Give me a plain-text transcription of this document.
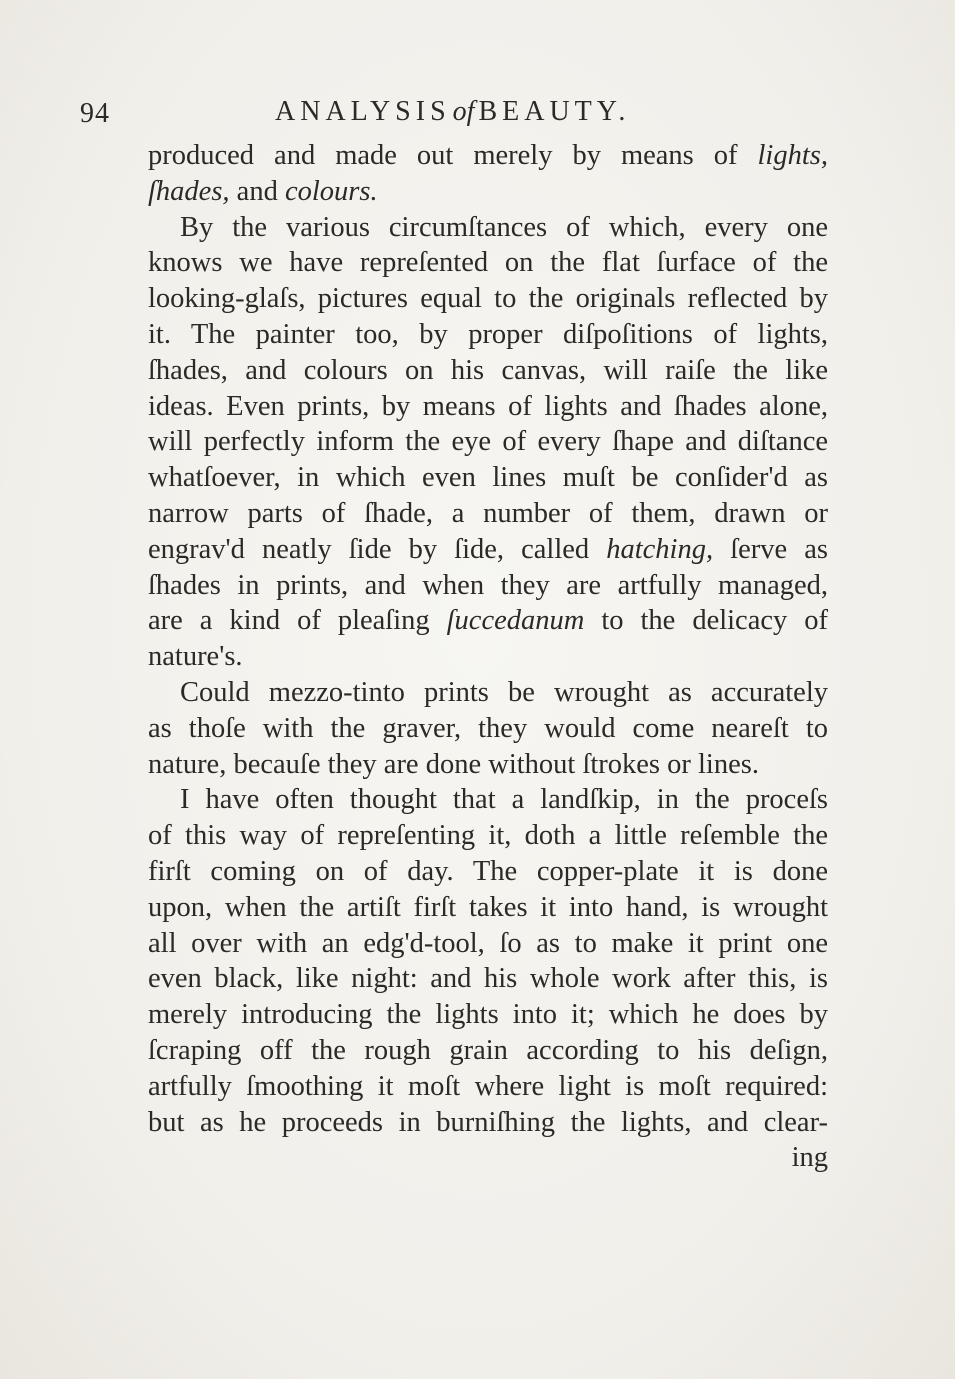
94	ANALYSISof BEAUTY.
produced and made out merely by means of lights,
ſhades, and colours.
By the various circumſtances of which, every one
knows we have repreſented on the flat ſurface of the
looking-glaſs, pictures equal to the originals reflected by
it. The painter too, by proper diſpoſitions of lights,
ſhades, and colours on his canvas, will raiſe the like
ideas. Even prints, by means of lights and ſhades alone,
will perfectly inform the eye of every ſhape and diſtance
whatſoever, in which even lines muſt be conſider'd as
narrow parts of ſhade, a number of them, drawn or
engrav'd neatly ſide by ſide, called hatching, ſerve as
ſhades in prints, and when they are artfully managed,
are a kind of pleaſing ſuccedanum to the delicacy of
nature's.
Could mezzo-tinto prints be wrought as accurately
as thoſe with the graver, they would come neareſt to
nature, becauſe they are done without ſtrokes or lines.
I have often thought that a landſkip, in the proceſs
of this way of repreſenting it, doth a little reſemble the
firſt coming on of day. The copper-plate it is done
upon, when the artiſt firſt takes it into hand, is wrought
all over with an edg'd-tool, ſo as to make it print one
even black, like night: and his whole work after this, is
merely introducing the lights into it; which he does by
ſcraping off the rough grain according to his deſign,
artfully ſmoothing it moſt where light is moſt required:
but as he proceeds in burniſhing the lights, and clear-
ing
